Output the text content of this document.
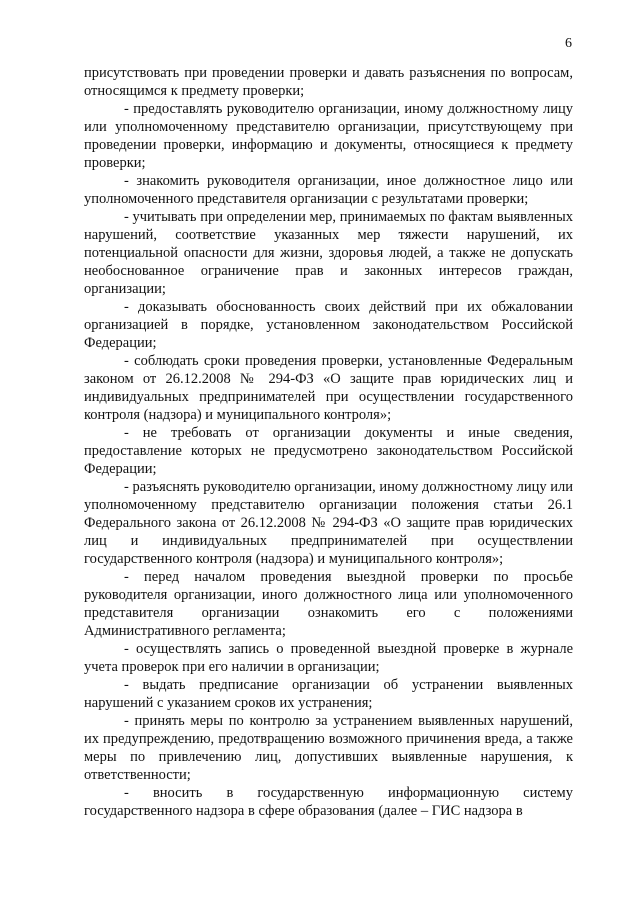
6

присутствовать при проведении проверки и давать разъяснения по вопросам, относящимся к предмету проверки;

- предоставлять руководителю организации, иному должностному лицу или уполномоченному представителю организации, присутствующему при проведении проверки, информацию и документы, относящиеся к предмету проверки;

- знакомить руководителя организации, иное должностное лицо или уполномоченного представителя организации с результатами проверки;

- учитывать при определении мер, принимаемых по фактам выявленных нарушений, соответствие указанных мер тяжести нарушений, их потенциальной опасности для жизни, здоровья людей, а также не допускать необоснованное ограничение прав и законных интересов граждан, организации;

- доказывать обоснованность своих действий при их обжаловании организацией в порядке, установленном законодательством Российской Федерации;

- соблюдать сроки проведения проверки, установленные Федеральным законом от 26.12.2008 № 294-ФЗ «О защите прав юридических лиц и индивидуальных предпринимателей при осуществлении государственного контроля (надзора) и муниципального контроля»;

- не требовать от организации документы и иные сведения, предоставление которых не предусмотрено законодательством Российской Федерации;

- разъяснять руководителю организации, иному должностному лицу или уполномоченному представителю организации положения статьи 26.1 Федерального закона от 26.12.2008 № 294-ФЗ «О защите прав юридических лиц и индивидуальных предпринимателей при осуществлении государственного контроля (надзора) и муниципального контроля»;

- перед началом проведения выездной проверки по просьбе руководителя организации, иного должностного лица или уполномоченного представителя организации ознакомить его с положениями Административного регламента;

- осуществлять запись о проведенной выездной проверке в журнале учета проверок при его наличии в организации;

- выдать предписание организации об устранении выявленных нарушений с указанием сроков их устранения;

- принять меры по контролю за устранением выявленных нарушений, их предупреждению, предотвращению возможного причинения вреда, а также меры по привлечению лиц, допустивших выявленные нарушения, к ответственности;

- вносить в государственную информационную систему государственного надзора в сфере образования (далее – ГИС надзора в
